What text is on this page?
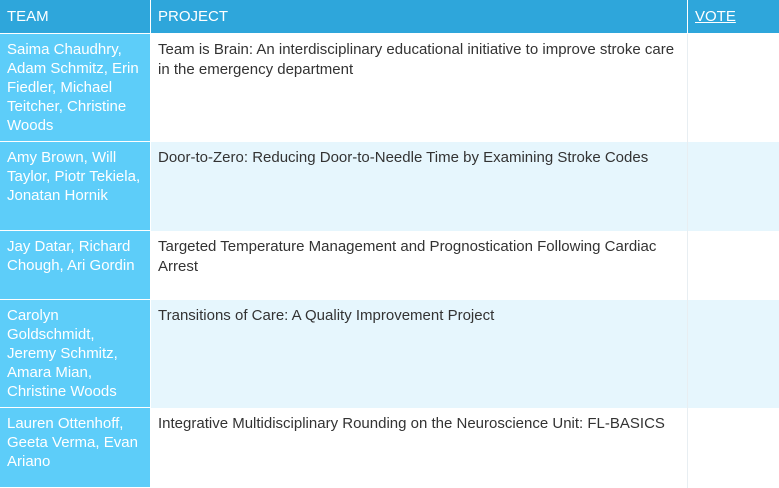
TEAM	PROJECT	VOTE
Saima Chaudhry, Adam Schmitz, Erin Fiedler, Michael Teitcher, Christine Woods
Team is Brain: An interdisciplinary educational initiative to improve stroke care in the emergency department
Amy Brown, Will Taylor, Piotr Tekiela, Jonatan Hornik
Door-to-Zero: Reducing Door-to-Needle Time by Examining Stroke Codes
Jay Datar, Richard Chough, Ari Gordin
Targeted Temperature Management and Prognostication Following Cardiac Arrest
Carolyn Goldschmidt, Jeremy Schmitz, Amara Mian, Christine Woods
Transitions of Care: A Quality Improvement Project
Lauren Ottenhoff, Geeta Verma, Evan Ariano
Integrative Multidisciplinary Rounding on the Neuroscience Unit: FL-BASICS
